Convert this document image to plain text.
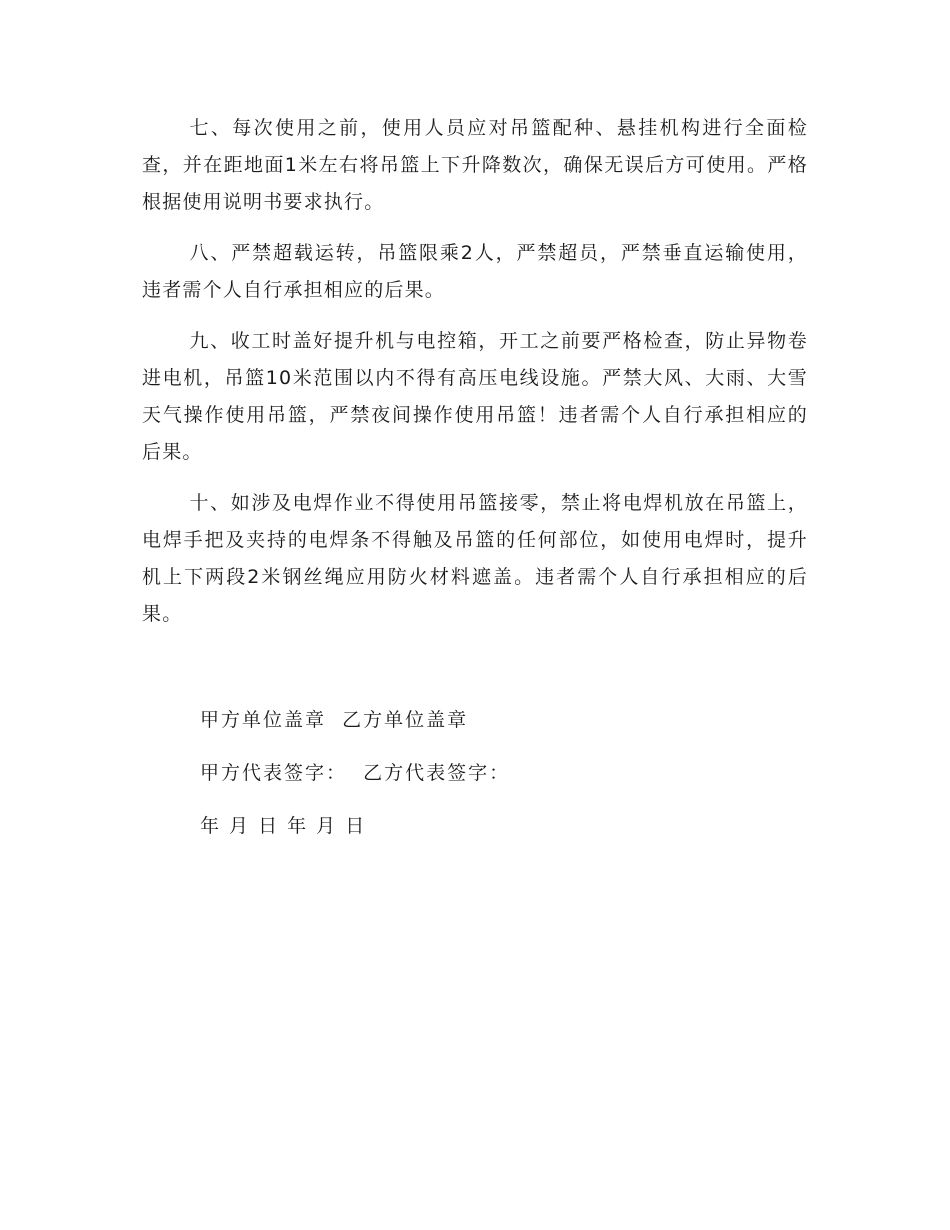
七、每次使用之前，使用人员应对吊篮配种、悬挂机构进行全面检查，并在距地面1米左右将吊篮上下升降数次，确保无误后方可使用。严格根据使用说明书要求执行。

八、严禁超载运转，吊篮限乘2人，严禁超员，严禁垂直运输使用，违者需个人自行承担相应的后果。

九、收工时盖好提升机与电控箱，开工之前要严格检查，防止异物卷进电机，吊篮10米范围以内不得有高压电线设施。严禁大风、大雨、大雪天气操作使用吊篮，严禁夜间操作使用吊篮！违者需个人自行承担相应的后果。

十、如涉及电焊作业不得使用吊篮接零，禁止将电焊机放在吊篮上，电焊手把及夹持的电焊条不得触及吊篮的任何部位，如使用电焊时，提升机上下两段2米钢丝绳应用防火材料遮盖。违者需个人自行承担相应的后果。

甲方单位盖章  乙方单位盖章

甲方代表签字：  乙方代表签字：

年 月 日 年 月 日
